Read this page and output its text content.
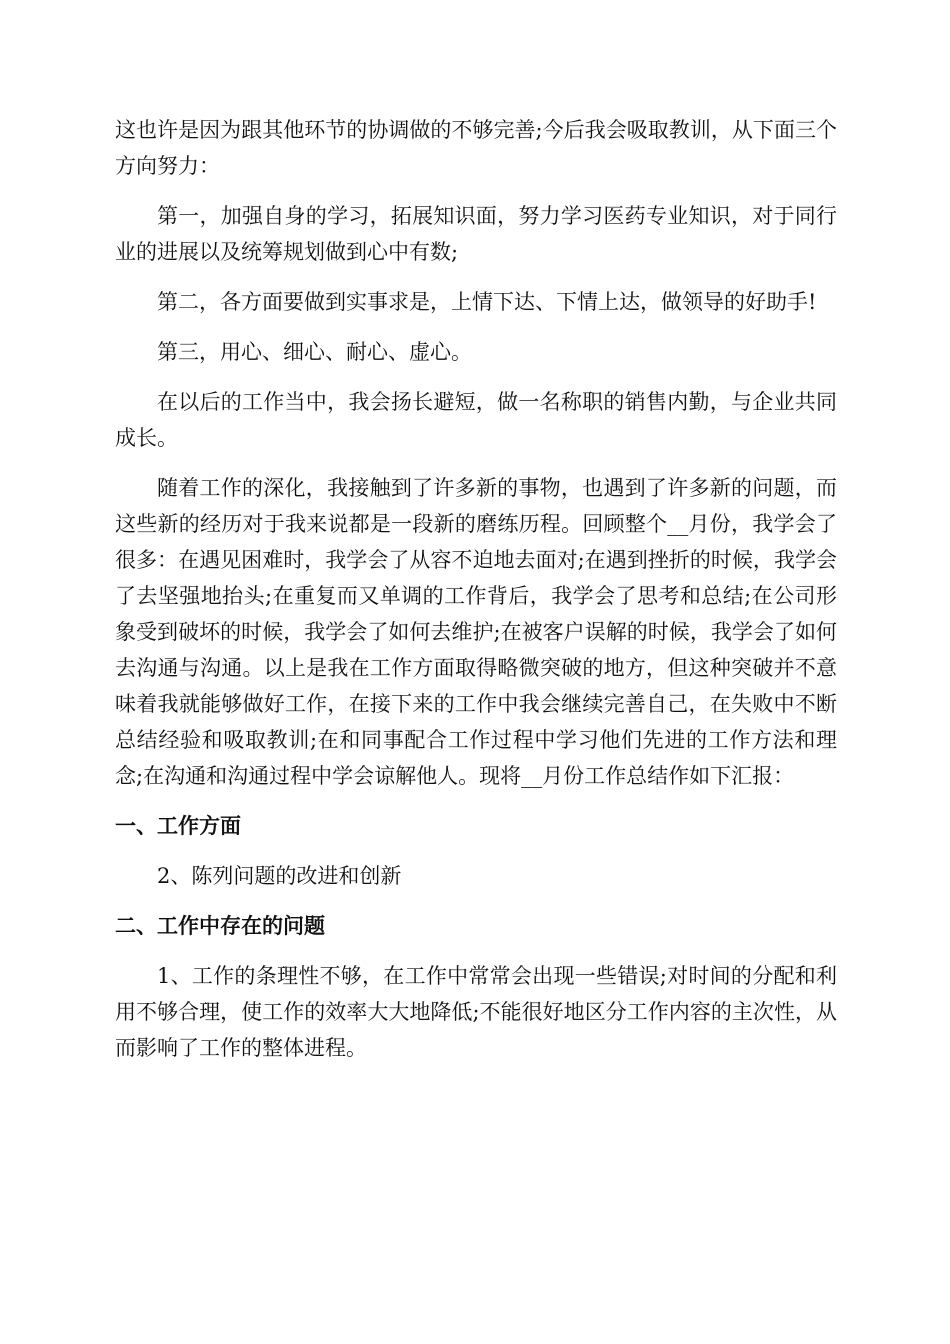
这也许是因为跟其他环节的协调做的不够完善;今后我会吸取教训，从下面三个方向努力：

第一，加强自身的学习，拓展知识面，努力学习医药专业知识，对于同行业的进展以及统筹规划做到心中有数;

第二，各方面要做到实事求是，上情下达、下情上达，做领导的好助手!

第三，用心、细心、耐心、虚心。

在以后的工作当中，我会扬长避短，做一名称职的销售内勤，与企业共同成长。

随着工作的深化，我接触到了许多新的事物，也遇到了许多新的问题，而这些新的经历对于我来说都是一段新的磨练历程。回顾整个__月份，我学会了很多：在遇见困难时，我学会了从容不迫地去面对;在遇到挫折的时候，我学会了去坚强地抬头;在重复而又单调的工作背后，我学会了思考和总结;在公司形象受到破坏的时候，我学会了如何去维护;在被客户误解的时候，我学会了如何去沟通与沟通。以上是我在工作方面取得略微突破的地方，但这种突破并不意味着我就能够做好工作，在接下来的工作中我会继续完善自己，在失败中不断总结经验和吸取教训;在和同事配合工作过程中学习他们先进的工作方法和理念;在沟通和沟通过程中学会谅解他人。现将__月份工作总结作如下汇报：

一、工作方面

2、陈列问题的改进和创新

二、工作中存在的问题

1、工作的条理性不够，在工作中常常会出现一些错误;对时间的分配和利用不够合理，使工作的效率大大地降低;不能很好地区分工作内容的主次性，从而影响了工作的整体进程。
